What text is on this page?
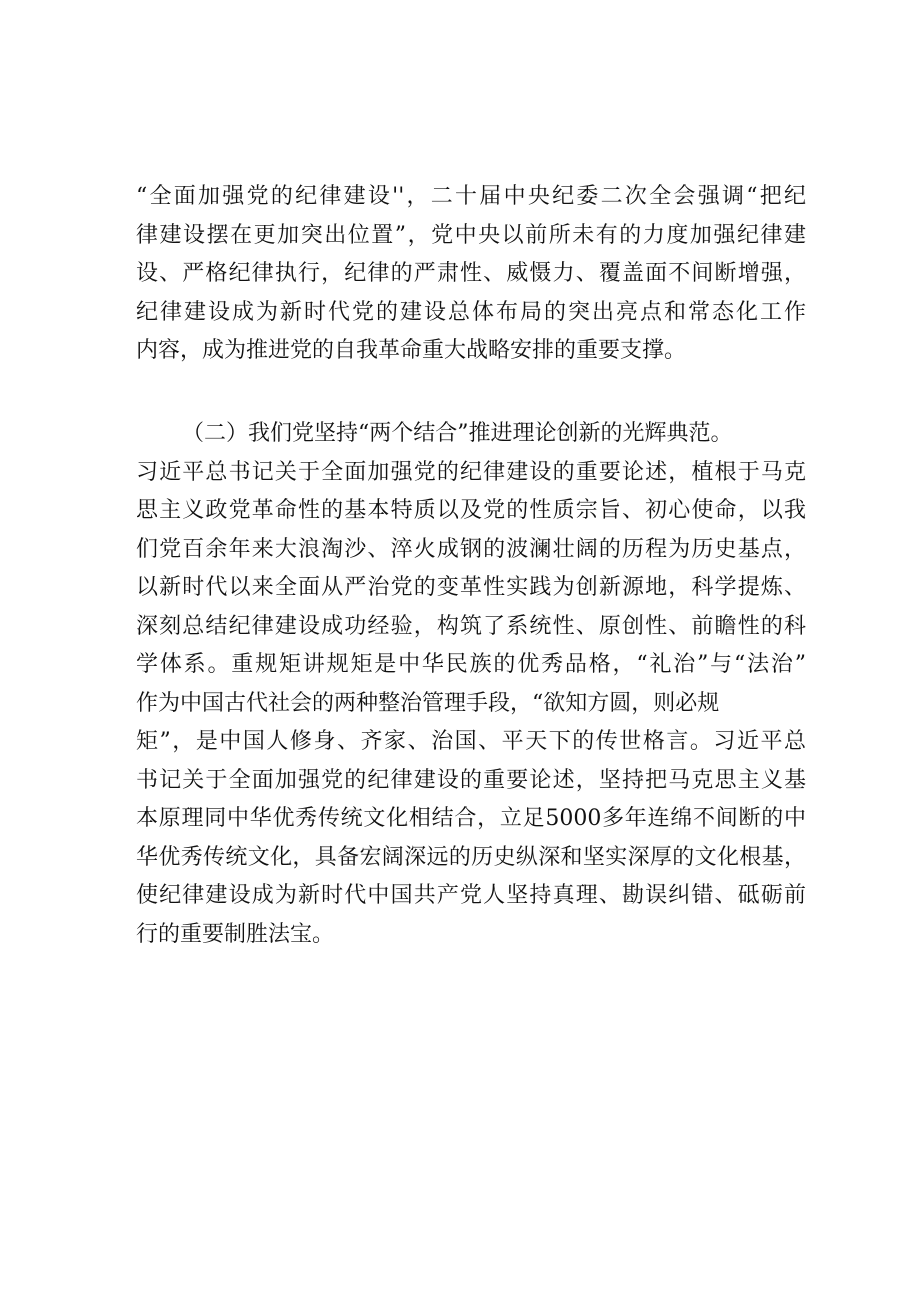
“全面加强党的纪律建设''，二十届中央纪委二次全会强调“把纪
律建设摆在更加突出位置”，党中央以前所未有的力度加强纪律建
设、严格纪律执行，纪律的严肃性、威慑力、覆盖面不间断增强，
纪律建设成为新时代党的建设总体布局的突出亮点和常态化工作
内容，成为推进党的自我革命重大战略安排的重要支撑。
（二）我们党坚持“两个结合”推进理论创新的光辉典范。
习近平总书记关于全面加强党的纪律建设的重要论述，植根于马克
思主义政党革命性的基本特质以及党的性质宗旨、初心使命，以我
们党百余年来大浪淘沙、淬火成钢的波澜壮阔的历程为历史基点，
以新时代以来全面从严治党的变革性实践为创新源地，科学提炼、
深刻总结纪律建设成功经验，构筑了系统性、原创性、前瞻性的科
学体系。重规矩讲规矩是中华民族的优秀品格，“礼治”与“法治”
作为中国古代社会的两种整治管理手段，“欲知方圆，则必规
矩”，是中国人修身、齐家、治国、平天下的传世格言。习近平总
书记关于全面加强党的纪律建设的重要论述，坚持把马克思主义基
本原理同中华优秀传统文化相结合，立足5000多年连绵不间断的中
华优秀传统文化，具备宏阔深远的历史纵深和坚实深厚的文化根基，
使纪律建设成为新时代中国共产党人坚持真理、勘误纠错、砥砺前
行的重要制胜法宝。
